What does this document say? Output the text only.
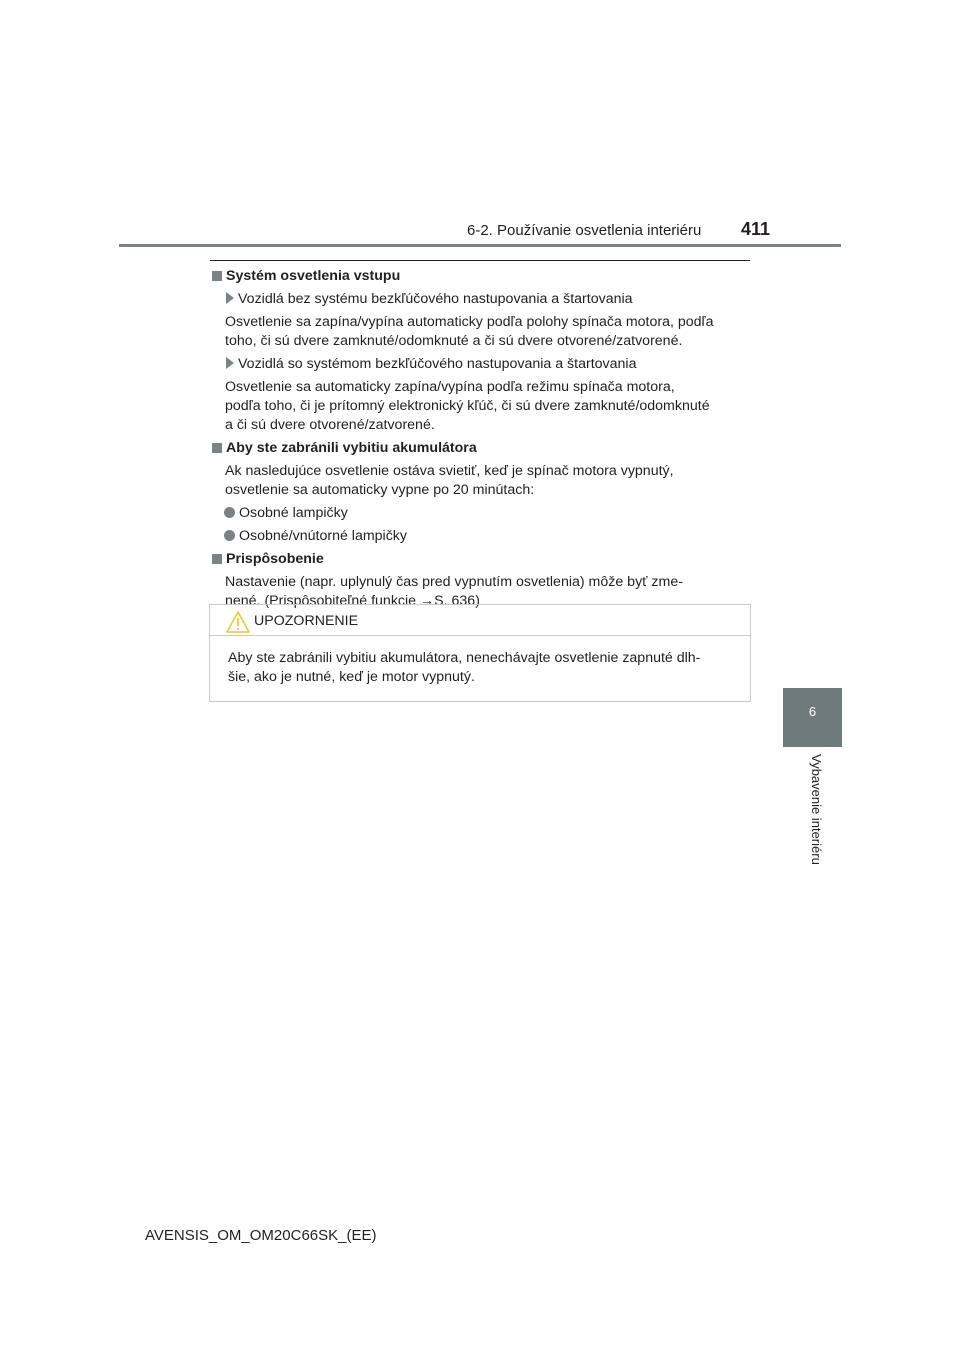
6-2. Používanie osvetlenia interiéru 411
6
Vybavenie interiéru
Systém osvetlenia vstupu
Vozidlá bez systému bezkľúčového nastupovania a štartovania
Osvetlenie sa zapína/vypína automaticky podľa polohy spínača motora, podľa
toho, či sú dvere zamknuté/odomknuté a či sú dvere otvorené/zatvorené.
Vozidlá so systémom bezkľúčového nastupovania a štartovania
Osvetlenie sa automaticky zapína/vypína podľa režimu spínača motora,
podľa toho, či je prítomný elektronický kľúč, či sú dvere zamknuté/odomknuté
a či sú dvere otvorené/zatvorené.
Aby ste zabránili vybitiu akumulátora
Ak nasledujúce osvetlenie ostáva svietiť, keď je spínač motora vypnutý,
osvetlenie sa automaticky vypne po 20 minútach:
Osobné lampičky
Osobné/vnútorné lampičky
Prispôsobenie
Nastavenie (napr. uplynulý čas pred vypnutím osvetlenia) môže byť zme-
nené. (Prispôsobiteľné funkcie →S. 636)
UPOZORNENIE
Aby ste zabránili vybitiu akumulátora, nenechávajte osvetlenie zapnuté dlh-
šie, ako je nutné, keď je motor vypnutý.
AVENSIS_OM_OM20C66SK_(EE)
